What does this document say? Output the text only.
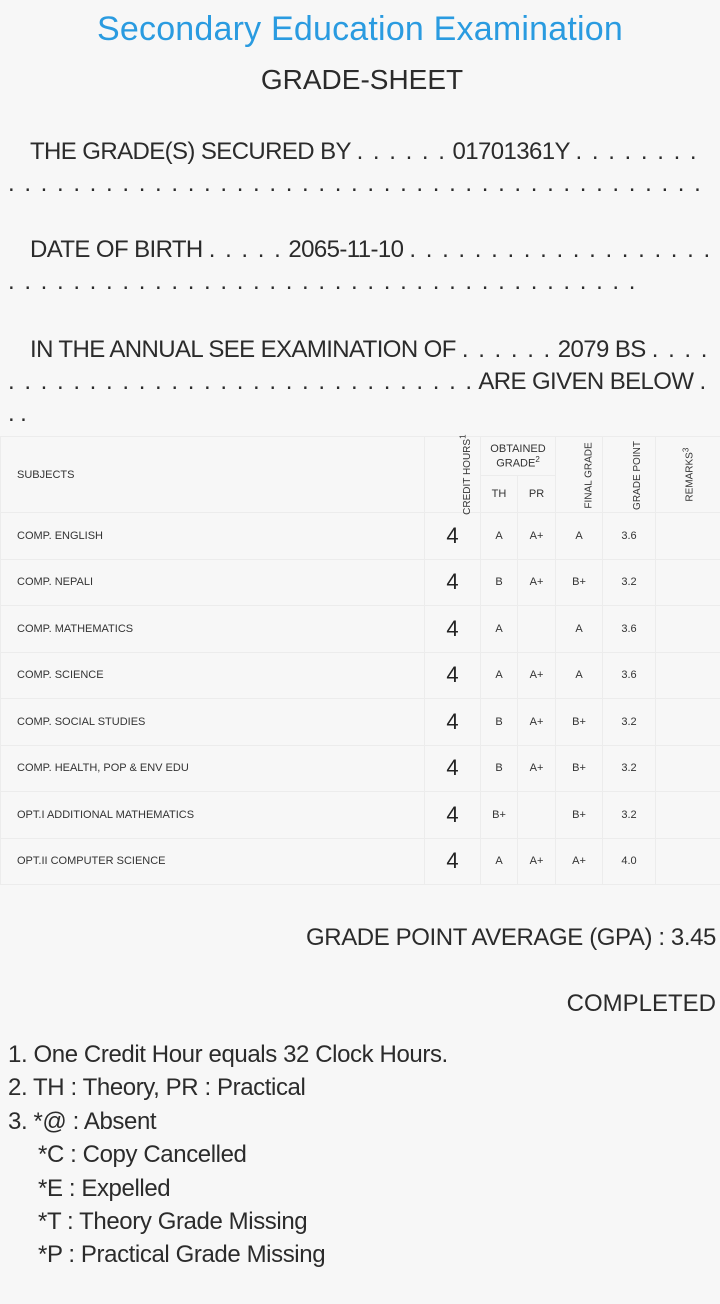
Secondary Education Examination
GRADE-SHEET
THE GRADE(S) SECURED BY . . . . . . 01701361Y . . . . . . . . . . . . . . . . . . . . . . . . . . . . . . . . . . . . . . . . . . . . . . . . . . .
DATE OF BIRTH . . . . . 2065-11-10 . . . . . . . . . . . . . . . . . . . . . . . . . . . . . . . . . . . . . . . . . . . . . . . . . . . . . . . . . .
IN THE ANNUAL SEE EXAMINATION OF . . . . . . 2079 BS . . . . . . . . . . . . . . . . . . . . . . . . . . . . . . . . . ARE GIVEN BELOW . . .
SUBJECTS	CREDIT HOURS$^1$	OBTAINED GRADE$^2$		FINAL GRADE	GRADE POINT	REMARKS$^3$
		TH	PR			
COMP. ENGLISH	4	A	A+	A	3.6	
COMP. NEPALI	4	B	A+	B+	3.2	
COMP. MATHEMATICS	4	A		A	3.6	
COMP. SCIENCE	4	A	A+	A	3.6	
COMP. SOCIAL STUDIES	4	B	A+	B+	3.2	
COMP. HEALTH, POP & ENV EDU	4	B	A+	B+	3.2	
OPT.I ADDITIONAL MATHEMATICS	4	B+		B+	3.2	
OPT.II COMPUTER SCIENCE	4	A	A+	A+	4.0	
GRADE POINT AVERAGE (GPA) : 3.45
COMPLETED
1. One Credit Hour equals 32 Clock Hours.
2. TH : Theory, PR : Practical
3. *@ : Absent
*C : Copy Cancelled
*E : Expelled
*T : Theory Grade Missing
*P : Practical Grade Missing
